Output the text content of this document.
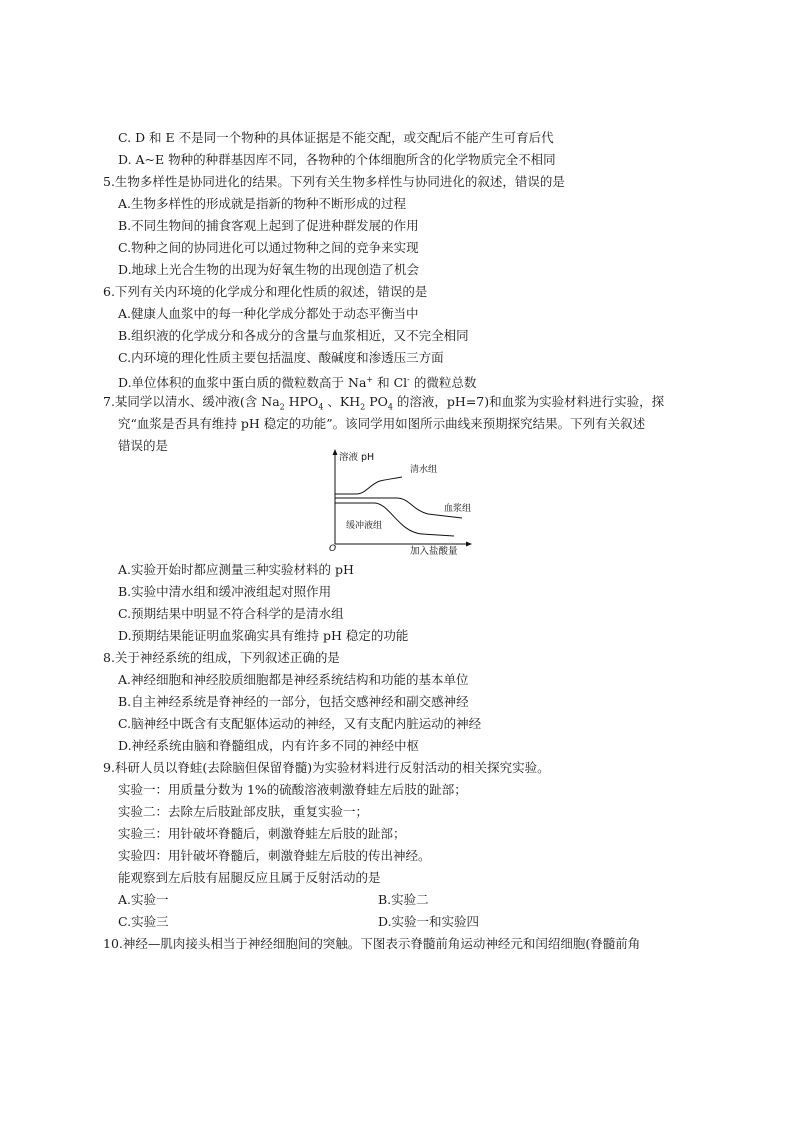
C. D 和 E 不是同一个物种的具体证据是不能交配，或交配后不能产生可育后代
D. A~E 物种的种群基因库不同，各物种的个体细胞所含的化学物质完全不相同
5.生物多样性是协同进化的结果。下列有关生物多样性与协同进化的叙述，错误的是
A.生物多样性的形成就是指新的物种不断形成的过程
B.不同生物间的捕食客观上起到了促进种群发展的作用
C.物种之间的协同进化可以通过物种之间的竞争来实现
D.地球上光合生物的出现为好氧生物的出现创造了机会
6.下列有关内环境的化学成分和理化性质的叙述，错误的是
A.健康人血浆中的每一种化学成分都处于动态平衡当中
B.组织液的化学成分和各成分的含量与血浆相近，又不完全相同
C.内环境的理化性质主要包括温度、酸碱度和渗透压三方面
D.单位体积的血浆中蛋白质的微粒数高于 Na+ 和 Cl- 的微粒总数
7.某同学以清水、缓冲液(含 $Na_2$ $HPO_4$ 、$KH_2$ $PO_4$ 的溶液，pH=7)和血浆为实验材料进行实验，探
究“血浆是否具有维持 pH 稳定的功能”。该同学用如图所示曲线来预期探究结果。下列有关叙述
错误的是
溶液 pH
加入盐酸量
O
清水组
血浆组
缓冲液组
A.实验开始时都应测量三种实验材料的 pH
B.实验中清水组和缓冲液组起对照作用
C.预期结果中明显不符合科学的是清水组
D.预期结果能证明血浆确实具有维持 pH 稳定的功能
8.关于神经系统的组成，下列叙述正确的是
A.神经细胞和神经胶质细胞都是神经系统结构和功能的基本单位
B.自主神经系统是脊神经的一部分，包括交感神经和副交感神经
C.脑神经中既含有支配躯体运动的神经，又有支配内脏运动的神经
D.神经系统由脑和脊髓组成，内有许多不同的神经中枢
9.科研人员以脊蛙(去除脑但保留脊髓)为实验材料进行反射活动的相关探究实验。
实验一：用质量分数为 1%的硫酸溶液刺激脊蛙左后肢的趾部；
实验二：去除左后肢趾部皮肤，重复实验一；
实验三：用针破坏脊髓后，刺激脊蛙左后肢的趾部；
实验四：用针破坏脊髓后，刺激脊蛙左后肢的传出神经。
能观察到左后肢有屈腿反应且属于反射活动的是
A.实验一	B.实验二
C.实验三	D.实验一和实验四
10.神经—肌肉接头相当于神经细胞间的突触。下图表示脊髓前角运动神经元和闰绍细胞(脊髓前角
